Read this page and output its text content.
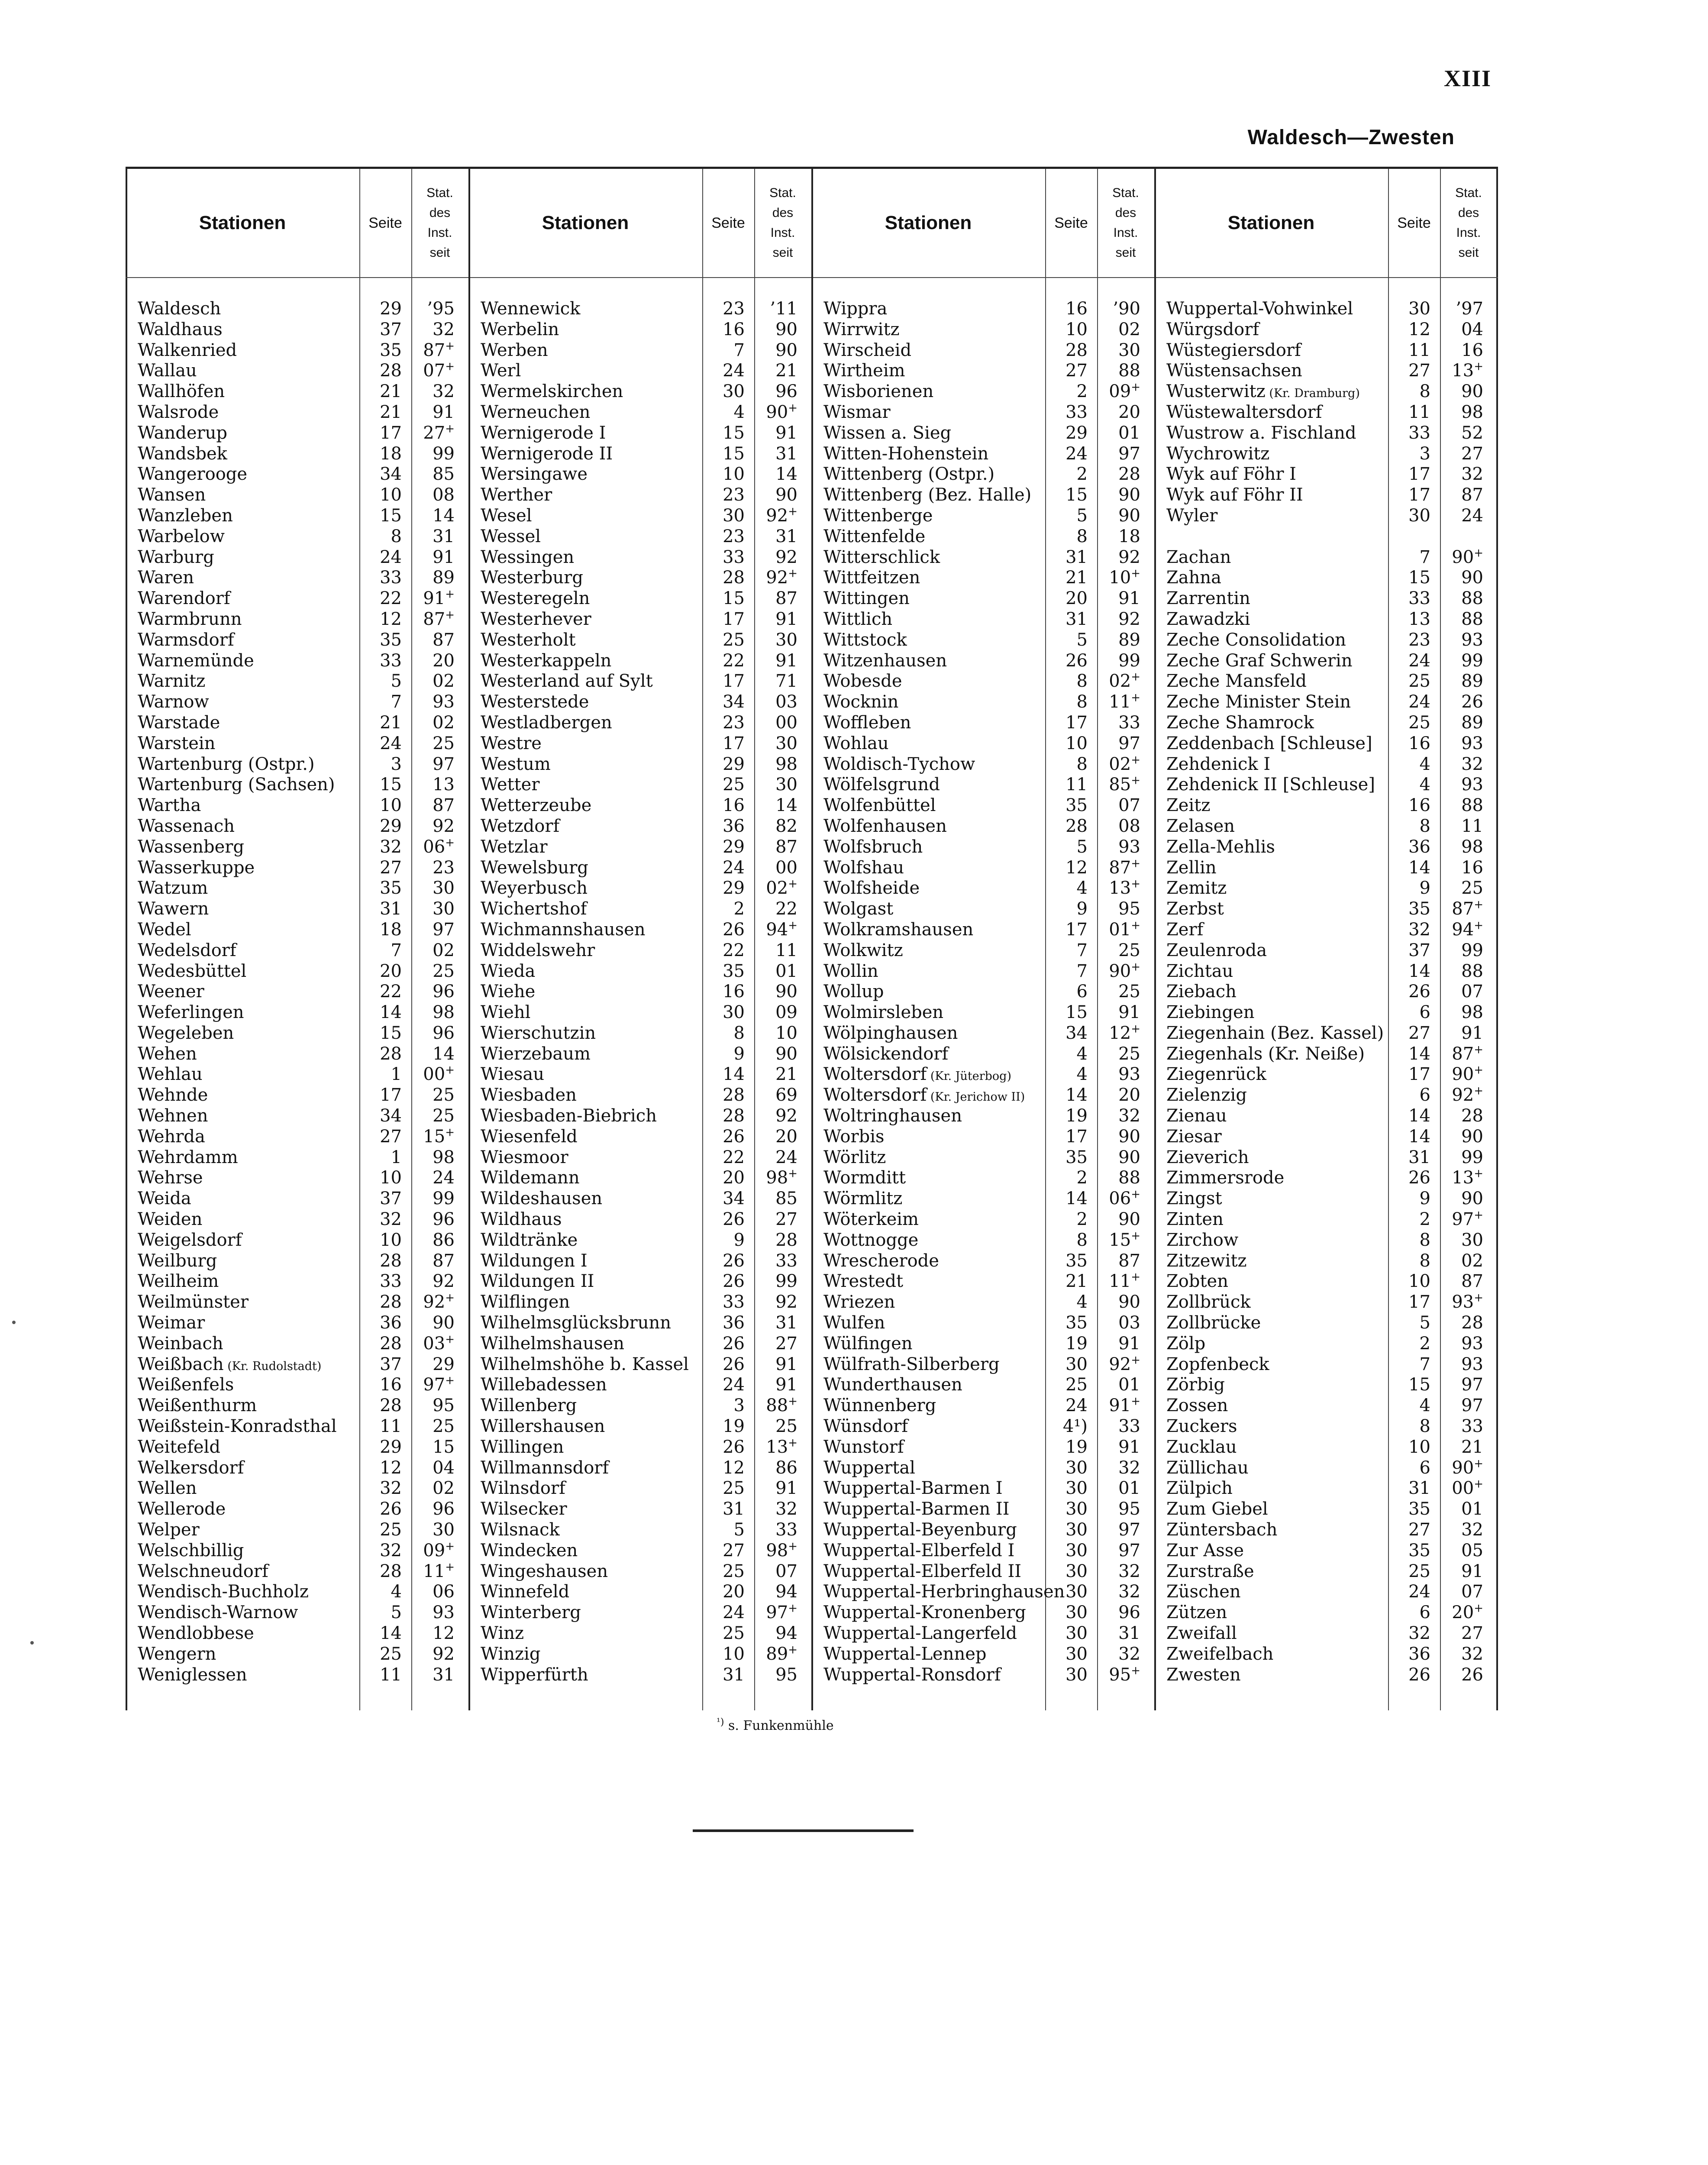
XIII
Waldesch—Zwesten
Stationen	Seite
Stat.
des
Inst.
seit
Waldesch	29	’95
Waldhaus	37	32
Walkenried	35	87+
Wallau	28	07+
Wallhöfen	21	32
Walsrode	21	91
Wanderup	17	27+
Wandsbek	18	99
Wangerooge	34	85
Wansen	10	08
Wanzleben	15	14
Warbelow	8	31
Warburg	24	91
Waren	33	89
Warendorf	22	91+
Warmbrunn	12	87+
Warmsdorf	35	87
Warnemünde	33	20
Warnitz	5	02
Warnow	7	93
Warstade	21	02
Warstein	24	25
Wartenburg (Ostpr.)	3	97
Wartenburg (Sachsen)	15	13
Wartha	10	87
Wassenach	29	92
Wassenberg	32	06+
Wasserkuppe	27	23
Watzum	35	30
Wawern	31	30
Wedel	18	97
Wedelsdorf	7	02
Wedesbüttel	20	25
Weener	22	96
Weferlingen	14	98
Wegeleben	15	96
Wehen	28	14
Wehlau	1	00+
Wehnde	17	25
Wehnen	34	25
Wehrda	27	15+
Wehrdamm	1	98
Wehrse	10	24
Weida	37	99
Weiden	32	96
Weigelsdorf	10	86
Weilburg	28	87
Weilheim	33	92
Weilmünster	28	92+
Weimar	36	90
Weinbach	28	03+
Weißbach (Kr. Rudolstadt)	37	29
Weißenfels	16	97+
Weißenthurm	28	95
Weißstein-Konradsthal	11	25
Weitefeld	29	15
Welkersdorf	12	04
Wellen	32	02
Wellerode	26	96
Welper	25	30
Welschbillig	32	09+
Welschneudorf	28	11+
Wendisch-Buchholz	4	06
Wendisch-Warnow	5	93
Wendlobbese	14	12
Wengern	25	92
Weniglessen	11	31
Stationen	Seite
Stat.
des
Inst.
seit
Wennewick	23	’11
Werbelin	16	90
Werben	7	90
Werl	24	21
Wermelskirchen	30	96
Werneuchen	4	90+
Wernigerode I	15	91
Wernigerode II	15	31
Wersingawe	10	14
Werther	23	90
Wesel	30	92+
Wessel	23	31
Wessingen	33	92
Westerburg	28	92+
Westeregeln	15	87
Westerhever	17	91
Westerholt	25	30
Westerkappeln	22	91
Westerland auf Sylt	17	71
Westerstede	34	03
Westladbergen	23	00
Westre	17	30
Westum	29	98
Wetter	25	30
Wetterzeube	16	14
Wetzdorf	36	82
Wetzlar	29	87
Wewelsburg	24	00
Weyerbusch	29	02+
Wichertshof	2	22
Wichmannshausen	26	94+
Widdelswehr	22	11
Wieda	35	01
Wiehe	16	90
Wiehl	30	09
Wierschutzin	8	10
Wierzebaum	9	90
Wiesau	14	21
Wiesbaden	28	69
Wiesbaden-Biebrich	28	92
Wiesenfeld	26	20
Wiesmoor	22	24
Wildemann	20	98+
Wildeshausen	34	85
Wildhaus	26	27
Wildtränke	9	28
Wildungen I	26	33
Wildungen II	26	99
Wilflingen	33	92
Wilhelmsglücksbrunn	36	31
Wilhelmshausen	26	27
Wilhelmshöhe b. Kassel	26	91
Willebadessen	24	91
Willenberg	3	88+
Willershausen	19	25
Willingen	26	13+
Willmannsdorf	12	86
Wilnsdorf	25	91
Wilsecker	31	32
Wilsnack	5	33
Windecken	27	98+
Wingeshausen	25	07
Winnefeld	20	94
Winterberg	24	97+
Winz	25	94
Winzig	10	89+
Wipperfürth	31	95
Stationen	Seite
Stat.
des
Inst.
seit
Wippra	16	’90
Wirrwitz	10	02
Wirscheid	28	30
Wirtheim	27	88
Wisborienen	2	09+
Wismar	33	20
Wissen a. Sieg	29	01
Witten-Hohenstein	24	97
Wittenberg (Ostpr.)	2	28
Wittenberg (Bez. Halle)	15	90
Wittenberge	5	90
Wittenfelde	8	18
Witterschlick	31	92
Wittfeitzen	21	10+
Wittingen	20	91
Wittlich	31	92
Wittstock	5	89
Witzenhausen	26	99
Wobesde	8	02+
Wocknin	8	11+
Woffleben	17	33
Wohlau	10	97
Woldisch-Tychow	8	02+
Wölfelsgrund	11	85+
Wolfenbüttel	35	07
Wolfenhausen	28	08
Wolfsbruch	5	93
Wolfshau	12	87+
Wolfsheide	4	13+
Wolgast	9	95
Wolkramshausen	17	01+
Wolkwitz	7	25
Wollin	7	90+
Wollup	6	25
Wolmirsleben	15	91
Wölpinghausen	34	12+
Wölsickendorf	4	25
Woltersdorf (Kr. Jüterbog)	4	93
Woltersdorf (Kr. Jerichow II)	14	20
Woltringhausen	19	32
Worbis	17	90
Wörlitz	35	90
Wormditt	2	88
Wörmlitz	14	06+
Wöterkeim	2	90
Wottnogge	8	15+
Wrescherode	35	87
Wrestedt	21	11+
Wriezen	4	90
Wulfen	35	03
Wülfingen	19	91
Wülfrath-Silberberg	30	92+
Wunderthausen	25	01
Wünnenberg	24	91+
Wünsdorf	4¹)	33
Wunstorf	19	91
Wuppertal	30	32
Wuppertal-Barmen I	30	01
Wuppertal-Barmen II	30	95
Wuppertal-Beyenburg	30	97
Wuppertal-Elberfeld I	30	97
Wuppertal-Elberfeld II	30	32
Wuppertal-Herbringhausen 30	32
Wuppertal-Kronenberg	30	96
Wuppertal-Langerfeld	30	31
Wuppertal-Lennep	30	32
Wuppertal-Ronsdorf	30	95+
Stationen	Seite
Stat.
des
Inst.
seit
Wuppertal-Vohwinkel	30	’97
Würgsdorf	12	04
Wüstegiersdorf	11	16
Wüstensachsen	27	13+
Wusterwitz (Kr. Dramburg)	8	90
Wüstewaltersdorf	11	98
Wustrow a. Fischland	33	52
Wychrowitz	3	27
Wyk auf Föhr I	17	32
Wyk auf Föhr II	17	87
Wyler	30	24
Zachan	7	90+
Zahna	15	90
Zarrentin	33	88
Zawadzki	13	88
Zeche Consolidation	23	93
Zeche Graf Schwerin	24	99
Zeche Mansfeld	25	89
Zeche Minister Stein	24	26
Zeche Shamrock	25	89
Zeddenbach [Schleuse]	16	93
Zehdenick I	4	32
Zehdenick II [Schleuse]	4	93
Zeitz	16	88
Zelasen	8	11
Zella-Mehlis	36	98
Zellin	14	16
Zemitz	9	25
Zerbst	35	87+
Zerf	32	94+
Zeulenroda	37	99
Zichtau	14	88
Ziebach	26	07
Ziebingen	6	98
Ziegenhain (Bez. Kassel)	27	91
Ziegenhals (Kr. Neiße)	14	87+
Ziegenrück	17	90+
Zielenzig	6	92+
Zienau	14	28
Ziesar	14	90
Zieverich	31	99
Zimmersrode	26	13+
Zingst	9	90
Zinten	2	97+
Zirchow	8	30
Zitzewitz	8	02
Zobten	10	87
Zollbrück	17	93+
Zollbrücke	5	28
Zölp	2	93
Zopfenbeck	7	93
Zörbig	15	97
Zossen	4	97
Zuckers	8	33
Zucklau	10	21
Züllichau	6	90+
Zülpich	31	00+
Zum Giebel	35	01
Züntersbach	27	32
Zur Asse	35	05
Zurstraße	25	91
Züschen	24	07
Zützen	6	20+
Zweifall	32	27
Zweifelbach	36	32
Zwesten	26	26
$^{^1)}$ s. Funkenmühle
